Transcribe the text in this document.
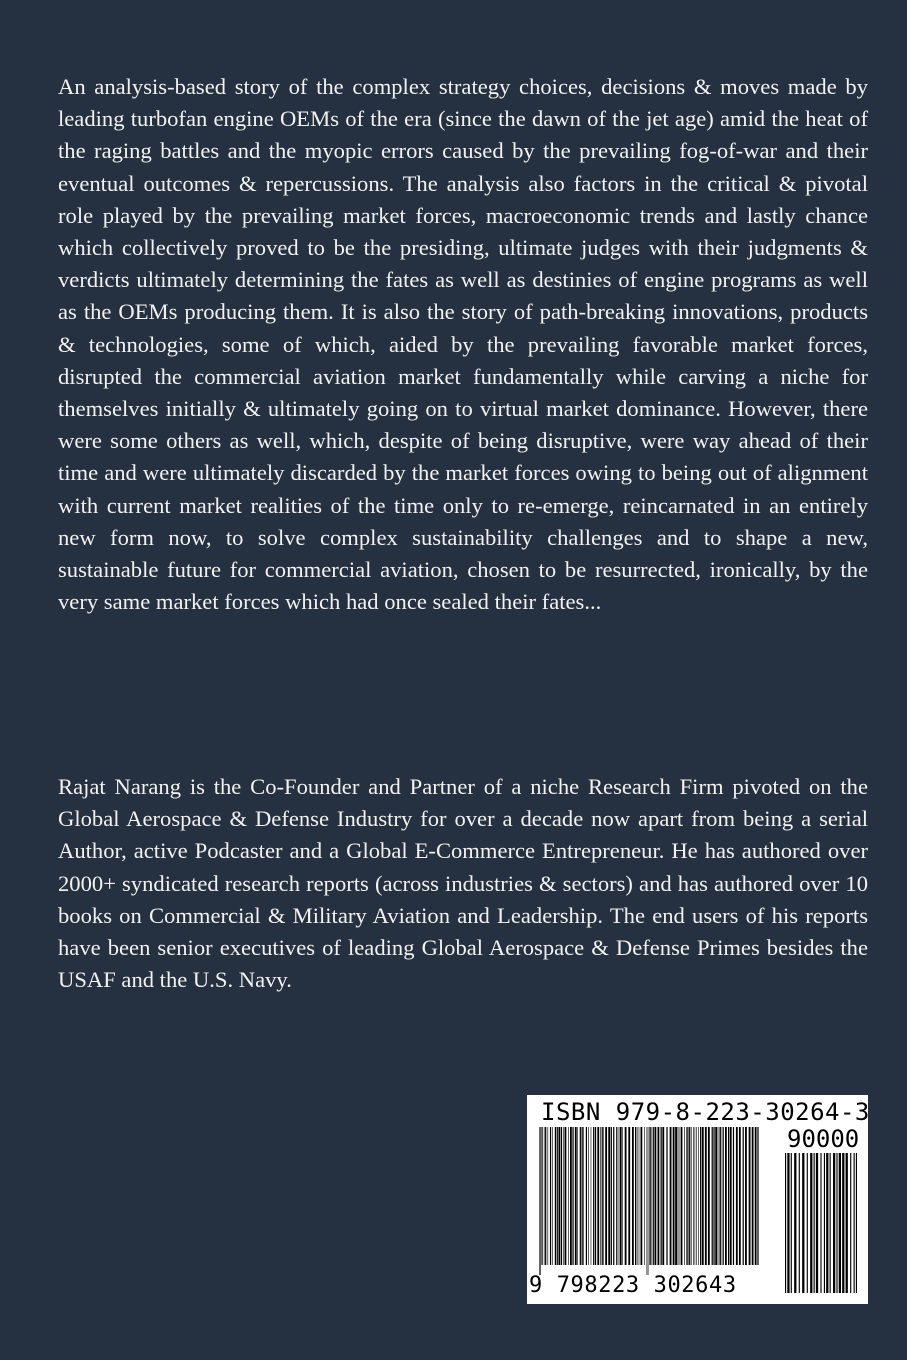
An analysis-based story of the complex strategy choices, decisions & moves made by leading turbofan engine OEMs of the era (since the dawn of the jet age) amid the heat of the raging battles and the myopic errors caused by the prevailing fog-of-war and their eventual outcomes & repercussions. The analysis also factors in the critical & pivotal role played by the prevailing market forces, macroeconomic trends and lastly chance which collectively proved to be the presiding, ultimate judges with their judgments & verdicts ultimately determining the fates as well as destinies of engine programs as well as the OEMs producing them. It is also the story of path-breaking innovations, products & technologies, some of which, aided by the prevailing favorable market forces, disrupted the commercial aviation market fundamentally while carving a niche for themselves initially & ultimately going on to virtual market dominance. However, there were some others as well, which, despite of being disruptive, were way ahead of their time and were ultimately discarded by the market forces owing to being out of alignment with current market realities of the time only to re-emerge, reincarnated in an entirely new form now, to solve complex sustainability challenges and to shape a new, sustainable future for commercial aviation, chosen to be resurrected, ironically, by the very same market forces which had once sealed their fates...

Rajat Narang is the Co-Founder and Partner of a niche Research Firm pivoted on the Global Aerospace & Defense Industry for over a decade now apart from being a serial Author, active Podcaster and a Global E-Commerce Entrepreneur. He has authored over 2000+ syndicated research reports (across industries & sectors) and has authored over 10 books on Commercial & Military Aviation and Leadership. The end users of his reports have been senior executives of leading Global Aerospace & Defense Primes besides the USAF and the U.S. Navy.

ISBN 979-8-223-30264-3
90000
9 798223 302643
